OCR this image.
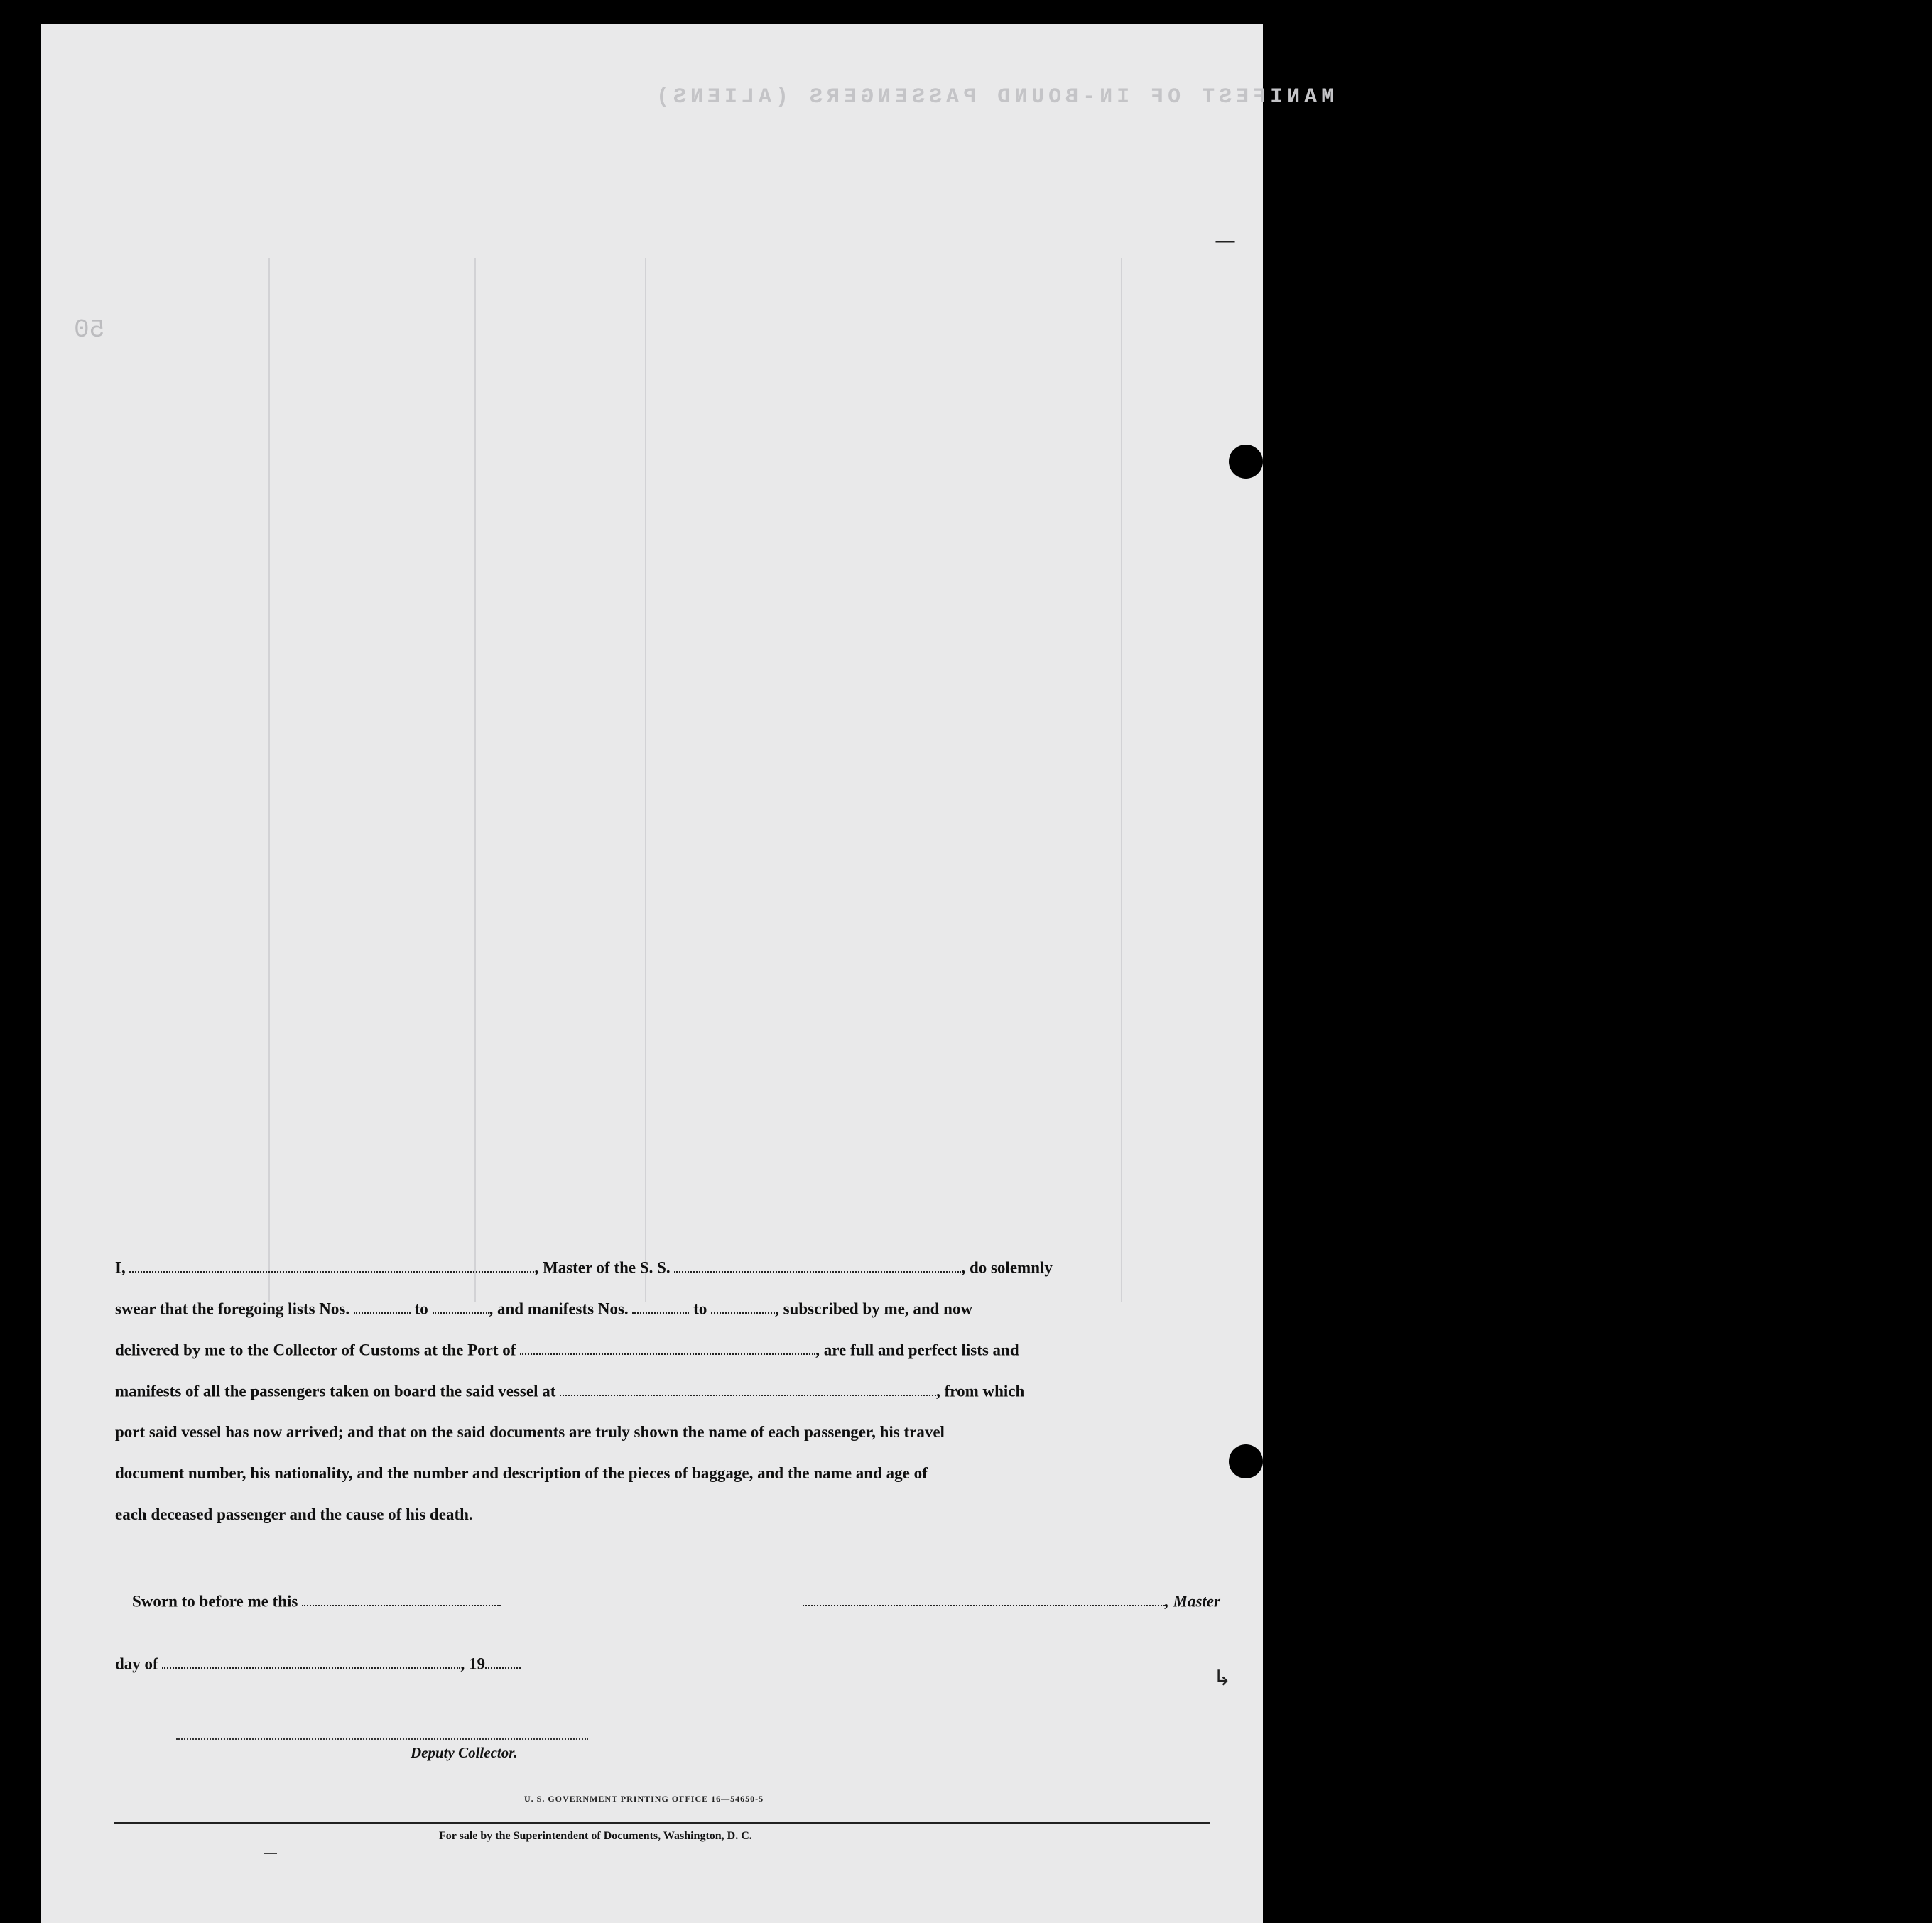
MANIFEST OF IN-BOUND PASSENGERS (ALIENS)
50
—
↳
I,	, Master of the S. S.	, do solemnly
swear that the foregoing lists Nos.	to	, and manifests Nos.	to	, subscribed by me, and now
delivered by me to the Collector of Customs at the Port of	, are full and perfect lists and
manifests of all the passengers taken on board the said vessel at	, from which
port said vessel has now arrived; and that on the said documents are truly shown the name of each passenger, his travel
document number, his nationality, and the number and description of the pieces of baggage, and the name and age of
each deceased passenger and the cause of his death.
Sworn to before me this	, Master
day of	, 19
Deputy Collector.
U. S. GOVERNMENT PRINTING OFFICE 16—54650-5
For sale by the Superintendent of Documents, Washington, D. C.
